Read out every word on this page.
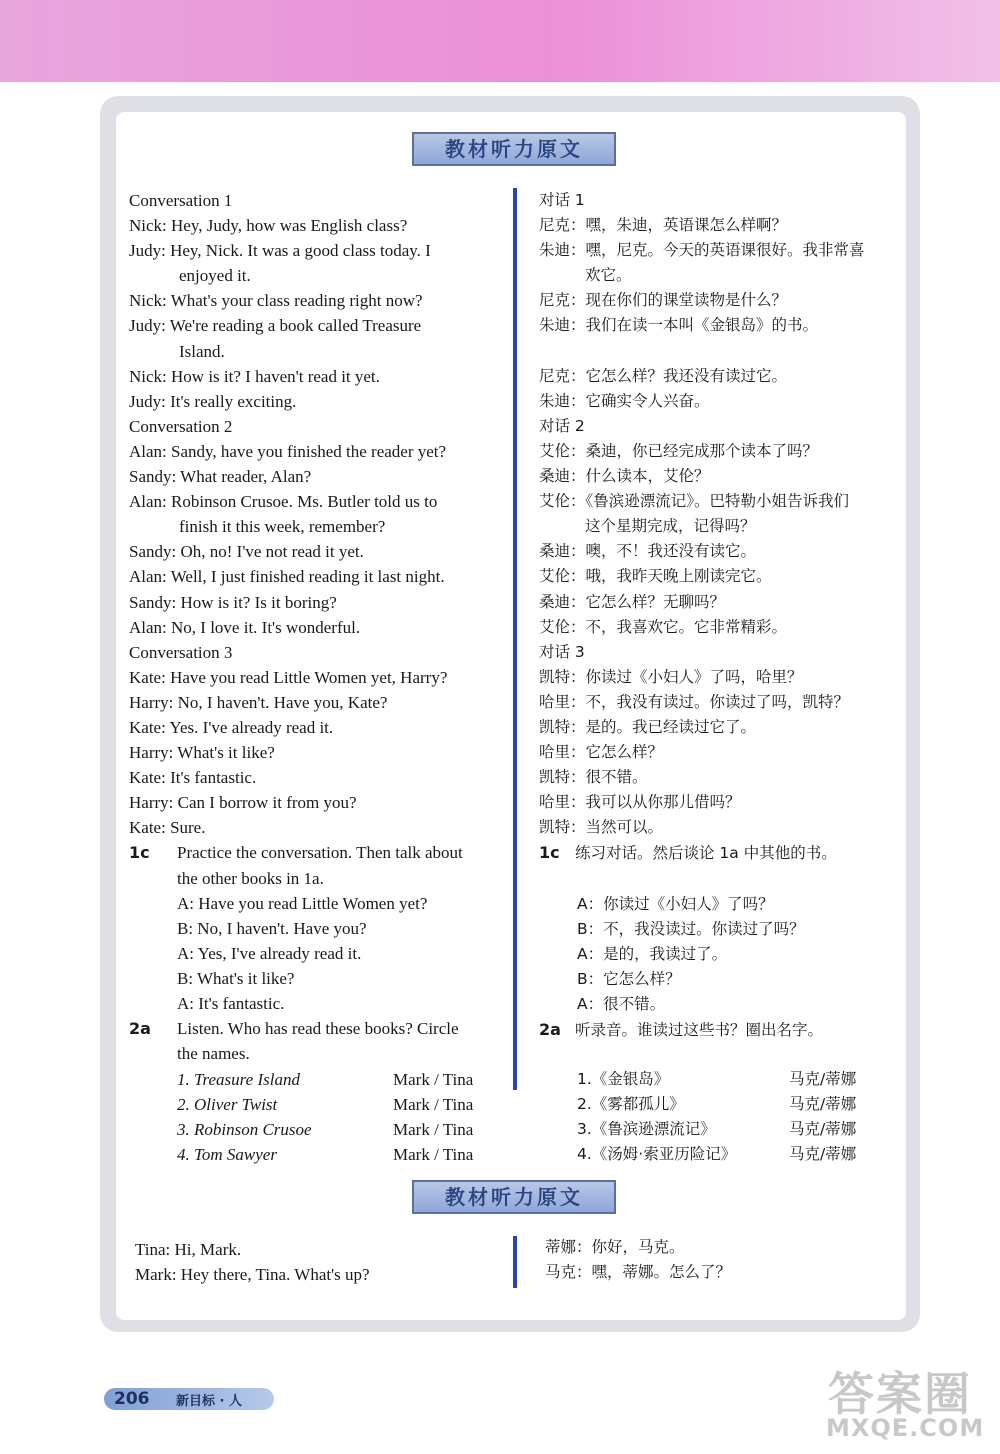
教材听力原文
Conversation 1
Nick: Hey, Judy, how was English class?
Judy: Hey, Nick. It was a good class today. I
enjoyed it.
Nick: What's your class reading right now?
Judy: We're reading a book called Treasure
Island.
Nick: How is it? I haven't read it yet.
Judy: It's really exciting.
Conversation 2
Alan: Sandy, have you finished the reader yet?
Sandy: What reader, Alan?
Alan: Robinson Crusoe. Ms. Butler told us to
finish it this week, remember?
Sandy: Oh, no! I've not read it yet.
Alan: Well, I just finished reading it last night.
Sandy: How is it? Is it boring?
Alan: No, I love it. It's wonderful.
Conversation 3
Kate: Have you read Little Women yet, Harry?
Harry: No, I haven't. Have you, Kate?
Kate: Yes. I've already read it.
Harry: What's it like?
Kate: It's fantastic.
Harry: Can I borrow it from you?
Kate: Sure.
1c Practice the conversation. Then talk about
the other books in 1a.
A: Have you read Little Women yet?
B: No, I haven't. Have you?
A: Yes, I've already read it.
B: What's it like?
A: It's fantastic.
2a Listen. Who has read these books? Circle
the names.
对话 1
尼克：嘿，朱迪，英语课怎么样啊？
朱迪：嘿，尼克。今天的英语课很好。我非常喜
欢它。
尼克：现在你们的课堂读物是什么？
朱迪：我们在读一本叫《金银岛》的书。

尼克：它怎么样？我还没有读过它。
朱迪：它确实令人兴奋。
对话 2
艾伦：桑迪，你已经完成那个读本了吗？
桑迪：什么读本，艾伦？
艾伦：《鲁滨逊漂流记》。巴特勒小姐告诉我们
这个星期完成，记得吗？
桑迪：噢，不！我还没有读它。
艾伦：哦，我昨天晚上刚读完它。
桑迪：它怎么样？无聊吗？
艾伦：不，我喜欢它。它非常精彩。
对话 3
凯特：你读过《小妇人》了吗，哈里？
哈里：不，我没有读过。你读过了吗，凯特？
凯特：是的。我已经读过它了。
哈里：它怎么样？
凯特：很不错。
哈里：我可以从你那儿借吗？
凯特：当然可以。
1c 练习对话。然后谈论 1a 中其他的书。

A：你读过《小妇人》了吗？
B：不，我没读过。你读过了吗？
A：是的，我读过了。
B：它怎么样？
A：很不错。
2a 听录音。谁读过这些书？圈出名字。

1. Treasure Island	Mark / Tina
2. Oliver Twist	Mark / Tina
3. Robinson Crusoe	Mark / Tina
4. Tom Sawyer	Mark / Tina
1.《金银岛》	马克/蒂娜
2.《雾都孤儿》	马克/蒂娜
3.《鲁滨逊漂流记》	马克/蒂娜
4.《汤姆·索亚历险记》	马克/蒂娜
教材听力原文
Tina: Hi, Mark.
Mark: Hey there, Tina. What's up?
蒂娜：你好，马克。
马克：嘿，蒂娜。怎么了？
206 新目标 · 人	答案圈
MXQE.COM
